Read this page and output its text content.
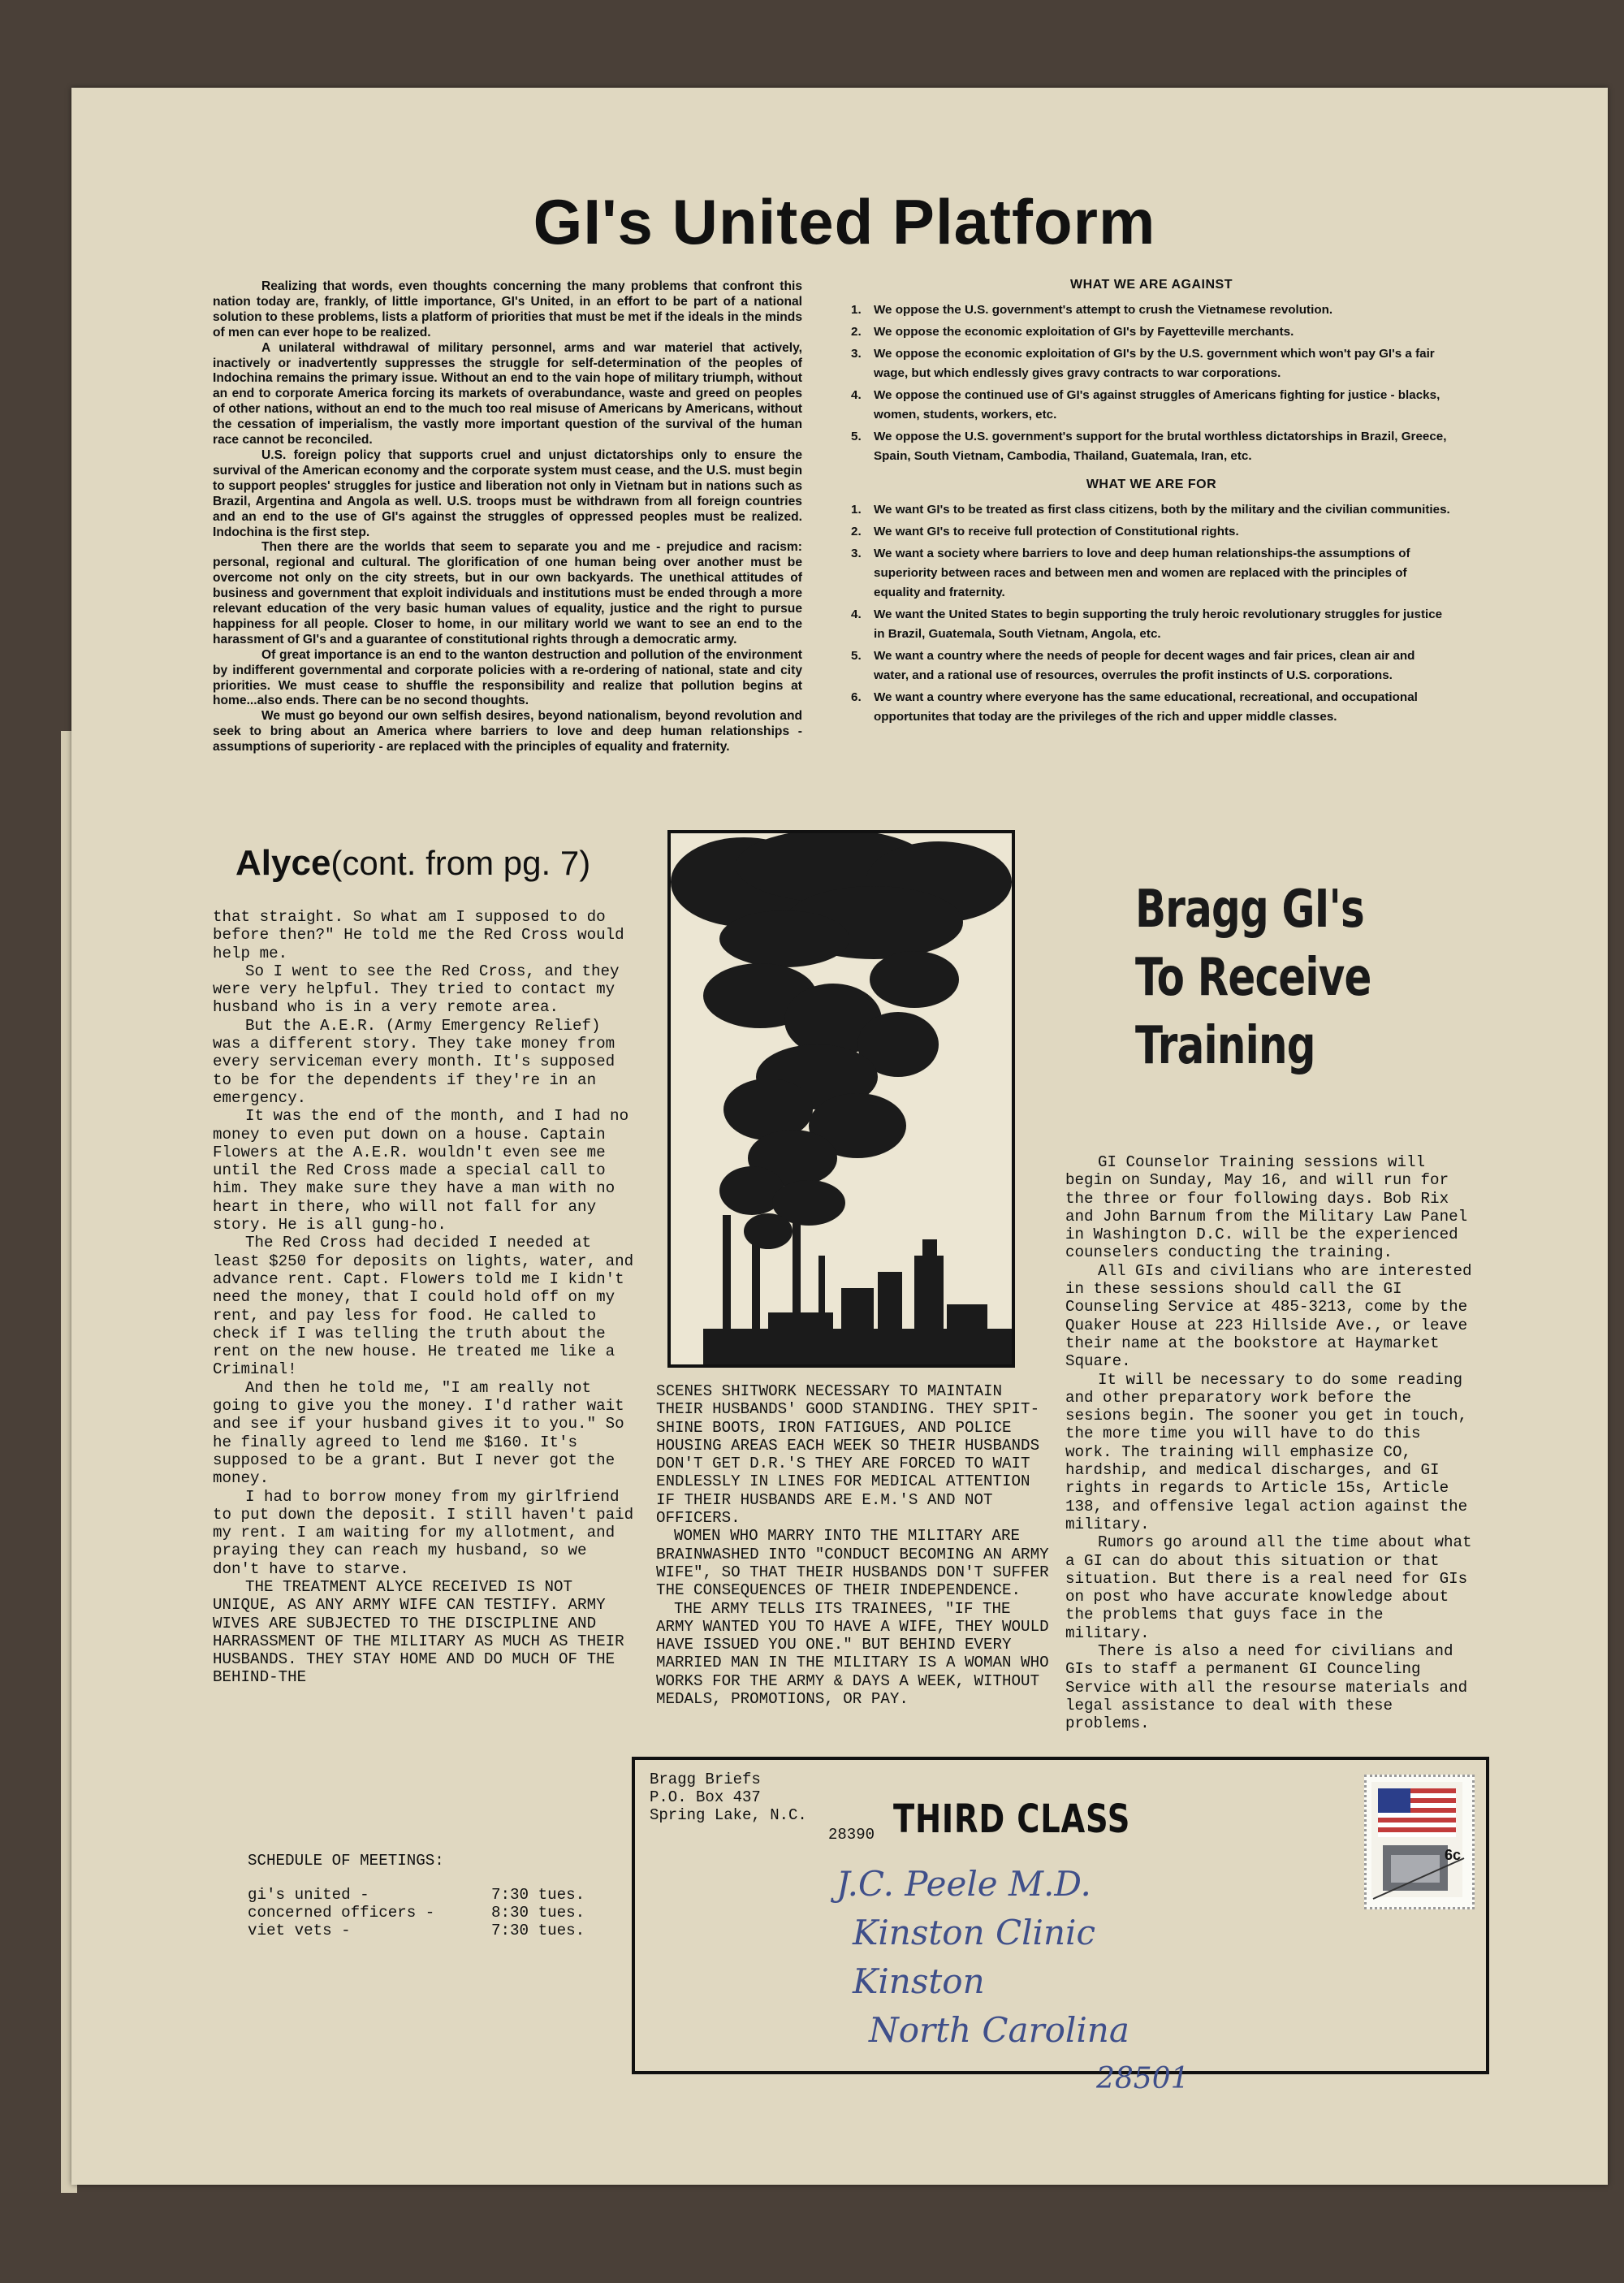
GI's United Platform

Realizing that words, even thoughts concerning the many problems that confront this nation today are, frankly, of little importance, GI's United, in an effort to be part of a national solution to these problems, lists a platform of priorities that must be met if the ideals in the minds of men can ever hope to be realized.

A unilateral withdrawal of military personnel, arms and war materiel that actively, inactively or inadvertently suppresses the struggle for self-determination of the peoples of Indochina remains the primary issue. Without an end to the vain hope of military triumph, without an end to corporate America forcing its markets of overabundance, waste and greed on peoples of other nations, without an end to the much too real misuse of Americans by Americans, without the cessation of imperialism, the vastly more important question of the survival of the human race cannot be reconciled.

U.S. foreign policy that supports cruel and unjust dictatorships only to ensure the survival of the American economy and the corporate system must cease, and the U.S. must begin to support peoples' struggles for justice and liberation not only in Vietnam but in nations such as Brazil, Argentina and Angola as well. U.S. troops must be withdrawn from all foreign countries and an end to the use of GI's against the struggles of oppressed peoples must be realized. Indochina is the first step.

Then there are the worlds that seem to separate you and me - prejudice and racism: personal, regional and cultural. The glorification of one human being over another must be overcome not only on the city streets, but in our own backyards. The unethical attitudes of business and government that exploit individuals and institutions must be ended through a more relevant education of the very basic human values of equality, justice and the right to pursue happiness for all people. Closer to home, in our military world we want to see an end to the harassment of GI's and a guarantee of constitutional rights through a democratic army.

Of great importance is an end to the wanton destruction and pollution of the environment by indifferent governmental and corporate policies with a re-ordering of national, state and city priorities. We must cease to shuffle the responsibility and realize that pollution begins at home...also ends. There can be no second thoughts.

We must go beyond our own selfish desires, beyond nationalism, beyond revolution and seek to bring about an America where barriers to love and deep human relationships - assumptions of superiority - are replaced with the principles of equality and fraternity.

WHAT WE ARE AGAINST
1. We oppose the U.S. government's attempt to crush the Vietnamese revolution.
2. We oppose the economic exploitation of GI's by Fayetteville merchants.
3. We oppose the economic exploitation of GI's by the U.S. government which won't pay GI's a fair wage, but which endlessly gives gravy contracts to war corporations.
4. We oppose the continued use of GI's against struggles of Americans fighting for justice - blacks, women, students, workers, etc.
5. We oppose the U.S. government's support for the brutal worthless dictatorships in Brazil, Greece, Spain, South Vietnam, Cambodia, Thailand, Guatemala, Iran, etc.
WHAT WE ARE FOR
1. We want GI's to be treated as first class citizens, both by the military and the civilian communities.
2. We want GI's to receive full protection of Constitutional rights.
3. We want a society where barriers to love and deep human relationships-the assumptions of superiority between races and between men and women are replaced with the principles of equality and fraternity.
4. We want the United States to begin supporting the truly heroic revolutionary struggles for justice in Brazil, Guatemala, South Vietnam, Angola, etc.
5. We want a country where the needs of people for decent wages and fair prices, clean air and water, and a rational use of resources, overrules the profit instincts of U.S. corporations.
6. We want a country where everyone has the same educational, recreational, and occupational opportunites that today are the privileges of the rich and upper middle classes.
Alyce(cont. from pg. 7)

that straight. So what am I supposed to do before then?" He told me the Red Cross would help me.

So I went to see the Red Cross, and they were very helpful. They tried to contact my husband who is in a very remote area.

But the A.E.R. (Army Emergency Relief) was a different story. They take money from every serviceman every month. It's supposed to be for the dependents if they're in an emergency.

It was the end of the month, and I had no money to even put down on a house. Captain Flowers at the A.E.R. wouldn't even see me until the Red Cross made a special call to him. They make sure they have a man with no heart in there, who will not fall for any story. He is all gung-ho.

The Red Cross had decided I needed at least $250 for deposits on lights, water, and advance rent. Capt. Flowers told me I kidn't need the money, that I could hold off on my rent, and pay less for food. He called to check if I was telling the truth about the rent on the new house. He treated me like a Criminal!

And then he told me, "I am really not going to give you the money. I'd rather wait and see if your husband gives it to you." So he finally agreed to lend me $160. It's supposed to be a grant. But I never got the money.

I had to borrow money from my girlfriend to put down the deposit. I still haven't paid my rent. I am waiting for my allotment, and praying they can reach my husband, so we don't have to starve.

THE TREATMENT ALYCE RECEIVED IS NOT UNIQUE, AS ANY ARMY WIFE CAN TESTIFY. ARMY WIVES ARE SUBJECTED TO THE DISCIPLINE AND HARRASSMENT OF THE MILITARY AS MUCH AS THEIR HUSBANDS. THEY STAY HOME AND DO MUCH OF THE BEHIND-THE

SCENES SHITWORK NECESSARY TO MAINTAIN THEIR HUSBANDS' GOOD STANDING. THEY SPIT-SHINE BOOTS, IRON FATIGUES, AND POLICE HOUSING AREAS EACH WEEK SO THEIR HUSBANDS DON'T GET D.R.'S THEY ARE FORCED TO WAIT ENDLESSLY IN LINES FOR MEDICAL ATTENTION IF THEIR HUSBANDS ARE E.M.'S AND NOT OFFICERS.

WOMEN WHO MARRY INTO THE MILITARY ARE BRAINWASHED INTO "CONDUCT BECOMING AN ARMY WIFE", SO THAT THEIR HUSBANDS DON'T SUFFER THE CONSEQUENCES OF THEIR INDEPENDENCE.

THE ARMY TELLS ITS TRAINEES, "IF THE ARMY WANTED YOU TO HAVE A WIFE, THEY WOULD HAVE ISSUED YOU ONE." BUT BEHIND EVERY MARRIED MAN IN THE MILITARY IS A WOMAN WHO WORKS FOR THE ARMY & DAYS A WEEK, WITHOUT MEDALS, PROMOTIONS, OR PAY.

Bragg GI's
To Receive
Training

GI Counselor Training sessions will begin on Sunday, May 16, and will run for the three or four following days. Bob Rix and John Barnum from the Military Law Panel in Washington D.C. will be the experienced counselers conducting the training.

All GIs and civilians who are interested in these sessions should call the GI Counseling Service at 485-3213, come by the Quaker House at 223 Hillside Ave., or leave their name at the bookstore at Haymarket Square.

It will be necessary to do some reading and other preparatory work before the sesions begin. The sooner you get in touch, the more time you will have to do this work. The training will emphasize CO, hardship, and medical discharges, and GI rights in regards to Article 15s, Article 138, and offensive legal action against the military.

Rumors go around all the time about what a GI can do about this situation or that situation. But there is a real need for GIs on post who have accurate knowledge about the problems that guys face in the military.

There is also a need for civilians and GIs to staff a permanent GI Counceling Service with all the resourse materials and legal assistance to deal with these problems.

SCHEDULE OF MEETINGS:
gi's united -	7:30 tues.
concerned officers -	8:30 tues.
viet vets -	7:30 tues.
Bragg Briefs
P.O. Box 437
Spring Lake, N.C.
28390 THIRD CLASS
6c
J.C. Peele M.D.
Kinston Clinic
Kinston
North Carolina
28501
